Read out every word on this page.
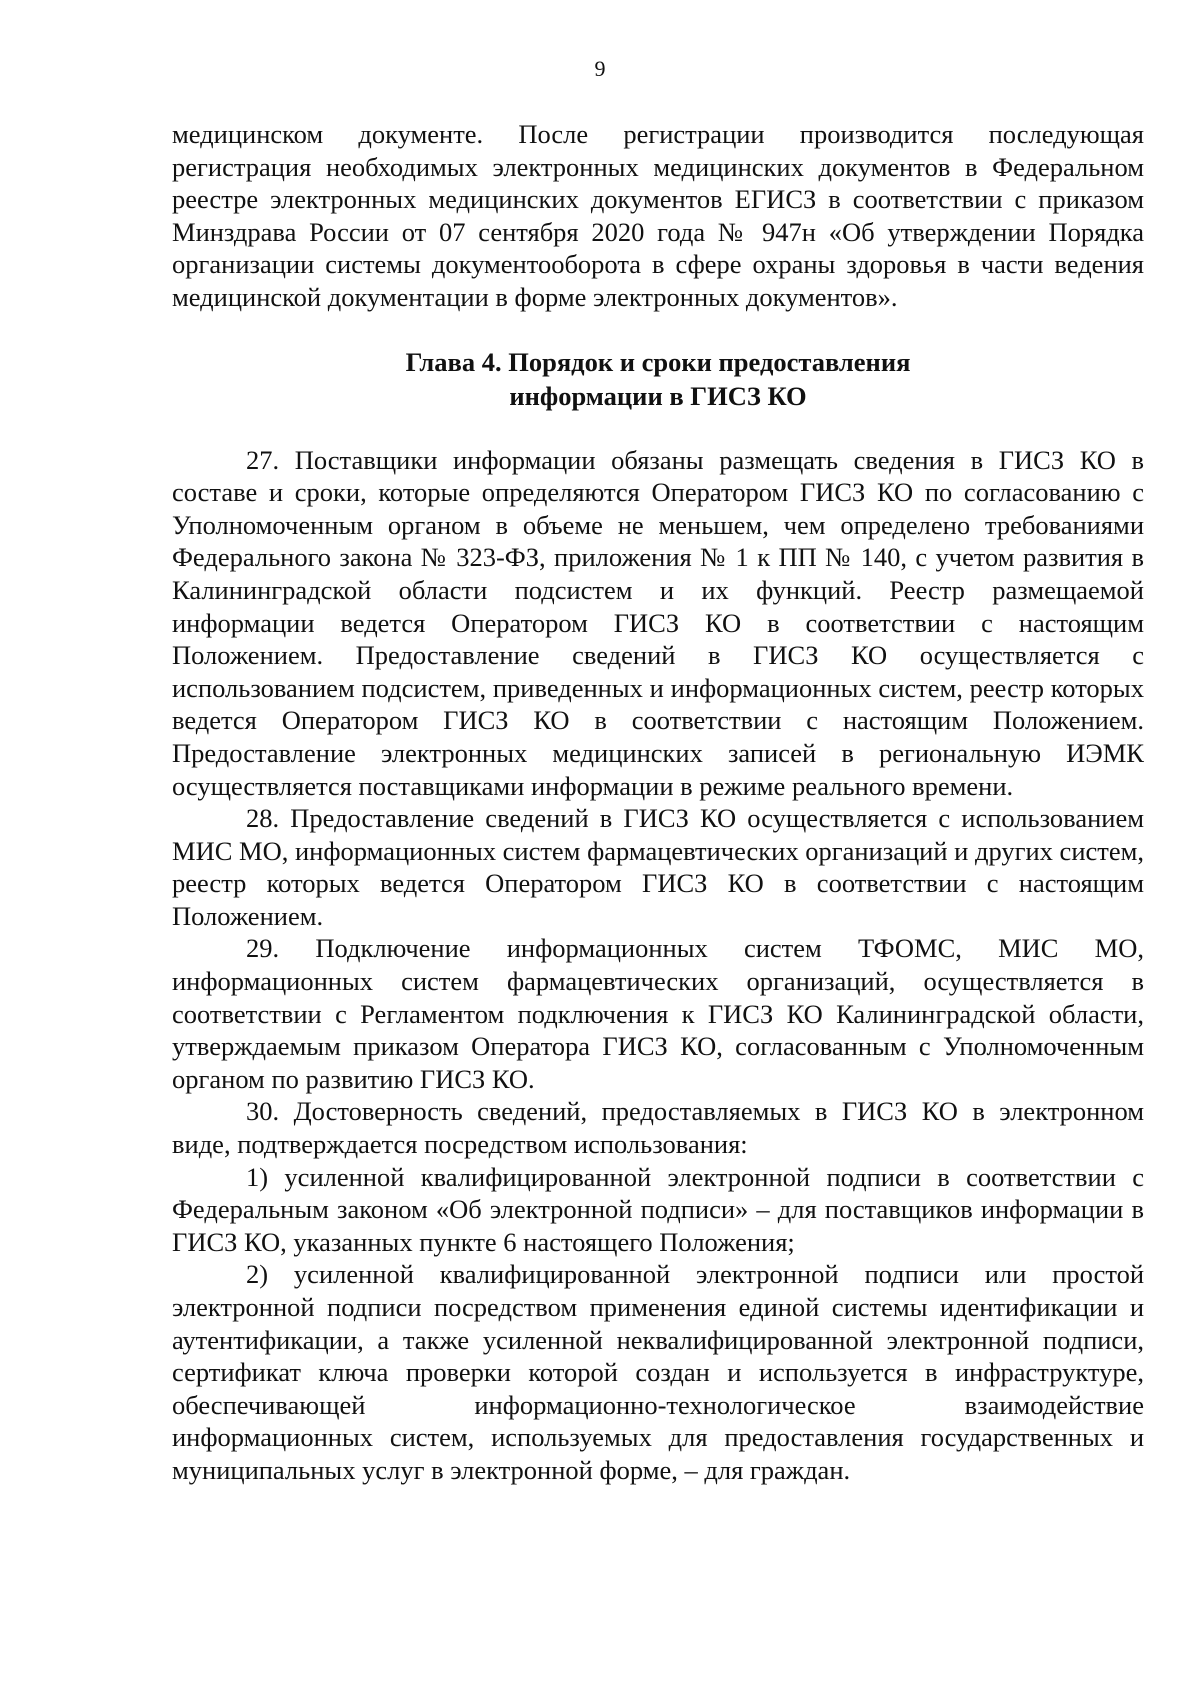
9

медицинском документе. После регистрации производится последующая регистрация необходимых электронных медицинских документов в Федеральном реестре электронных медицинских документов ЕГИСЗ в соответствии с приказом Минздрава России от 07 сентября 2020 года № 947н «Об утверждении Порядка организации системы документооборота в сфере охраны здоровья в части ведения медицинской документации в форме электронных документов».

Глава 4. Порядок и сроки предоставления
информации в ГИСЗ КО

27. Поставщики информации обязаны размещать сведения в ГИСЗ КО в составе и сроки, которые определяются Оператором ГИСЗ КО по согласованию с Уполномоченным органом в объеме не меньшем, чем определено требованиями Федерального закона № 323-ФЗ, приложения № 1 к ПП № 140, с учетом развития в Калининградской области подсистем и их функций. Реестр размещаемой информации ведется Оператором ГИСЗ КО в соответствии с настоящим Положением. Предоставление сведений в ГИСЗ КО осуществляется с использованием подсистем, приведенных и информационных систем, реестр которых ведется Оператором ГИСЗ КО в соответствии с настоящим Положением. Предоставление электронных медицинских записей в региональную ИЭМК осуществляется поставщиками информации в режиме реального времени.

28. Предоставление сведений в ГИСЗ КО осуществляется с использованием МИС МО, информационных систем фармацевтических организаций и других систем, реестр которых ведется Оператором ГИСЗ КО в соответствии с настоящим Положением.

29. Подключение информационных систем ТФОМС, МИС МО, информационных систем фармацевтических организаций, осуществляется в соответствии с Регламентом подключения к ГИСЗ КО Калининградской области, утверждаемым приказом Оператора ГИСЗ КО, согласованным с Уполномоченным органом по развитию ГИСЗ КО.

30. Достоверность сведений, предоставляемых в ГИСЗ КО в электронном виде, подтверждается посредством использования:

1) усиленной квалифицированной электронной подписи в соответствии с Федеральным законом «Об электронной подписи» – для поставщиков информации в ГИСЗ КО, указанных пункте 6 настоящего Положения;

2) усиленной квалифицированной электронной подписи или простой электронной подписи посредством применения единой системы идентификации и аутентификации, а также усиленной неквалифицированной электронной подписи, сертификат ключа проверки которой создан и используется в инфраструктуре, обеспечивающей информационно-технологическое взаимодействие информационных систем, используемых для предоставления государственных и муниципальных услуг в электронной форме, – для граждан.
